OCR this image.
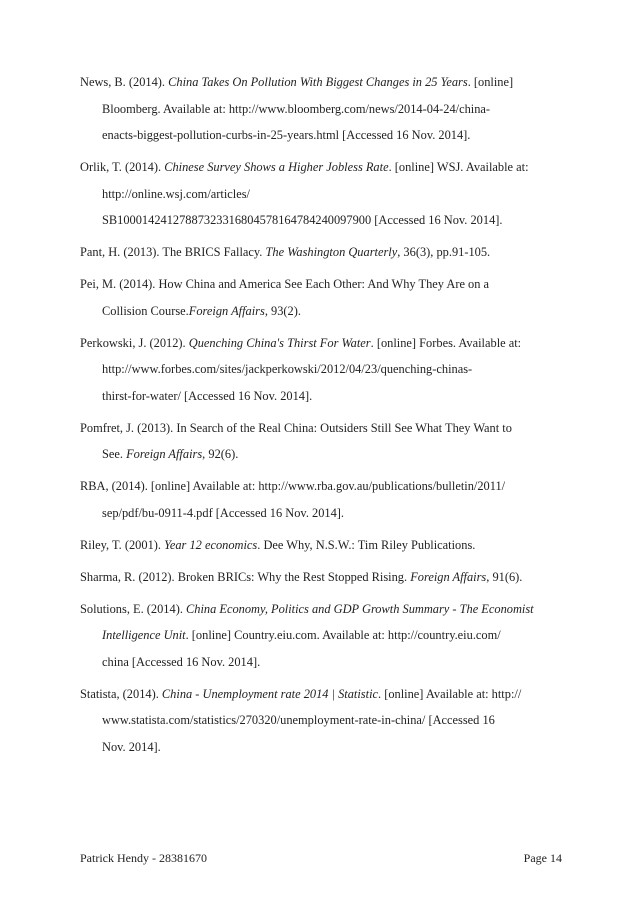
News, B. (2014). China Takes On Pollution With Biggest Changes in 25 Years. [online]
Bloomberg. Available at: http://www.bloomberg.com/news/2014-04-24/china-
enacts-biggest-pollution-curbs-in-25-years.html [Accessed 16 Nov. 2014].

Orlik, T. (2014). Chinese Survey Shows a Higher Jobless Rate. [online] WSJ. Available at:
http://online.wsj.com/articles/
SB10001424127887323316804578164784240097900 [Accessed 16 Nov. 2014].

Pant, H. (2013). The BRICS Fallacy. The Washington Quarterly, 36(3), pp.91-105.

Pei, M. (2014). How China and America See Each Other: And Why They Are on a
Collision Course.Foreign Affairs, 93(2).

Perkowski, J. (2012). Quenching China's Thirst For Water. [online] Forbes. Available at:
http://www.forbes.com/sites/jackperkowski/2012/04/23/quenching-chinas-
thirst-for-water/ [Accessed 16 Nov. 2014].

Pomfret, J. (2013). In Search of the Real China: Outsiders Still See What They Want to
See. Foreign Affairs, 92(6).

RBA, (2014). [online] Available at: http://www.rba.gov.au/publications/bulletin/2011/
sep/pdf/bu-0911-4.pdf [Accessed 16 Nov. 2014].

Riley, T. (2001). Year 12 economics. Dee Why, N.S.W.: Tim Riley Publications.

Sharma, R. (2012). Broken BRICs: Why the Rest Stopped Rising. Foreign Affairs, 91(6).

Solutions, E. (2014). China Economy, Politics and GDP Growth Summary - The Economist
Intelligence Unit. [online] Country.eiu.com. Available at: http://country.eiu.com/
china [Accessed 16 Nov. 2014].

Statista, (2014). China - Unemployment rate 2014 | Statistic. [online] Available at: http://
www.statista.com/statistics/270320/unemployment-rate-in-china/ [Accessed 16
Nov. 2014].

Patrick Hendy - 28381670	Page 14
